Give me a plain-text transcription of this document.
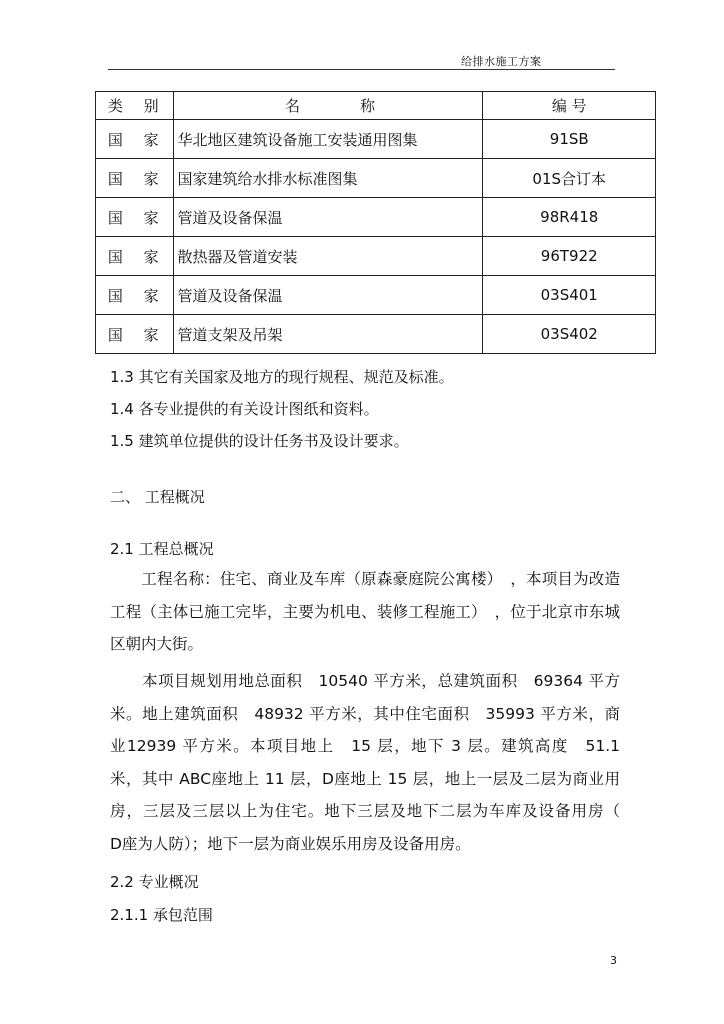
给排水施工方案
类 别	名　　　　称	编 号
国 家	华北地区建筑设备施工安装通用图集	91SB
国 家	国家建筑给水排水标准图集	01S合订本
国 家	管道及设备保温	98R418
国 家	散热器及管道安装	96T922
国 家	管道及设备保温	03S401
国 家	管道支架及吊架	03S402
1.3 其它有关国家及地方的现行规程、规范及标准。
1.4 各专业提供的有关设计图纸和资料。
1.5 建筑单位提供的设计任务书及设计要求。
二、 工程概况
2.1 工程总概况
　　工程名称：住宅、商业及车库（原森豪庭院公寓楼）　，本项目为改造工程（主体已施工完毕，主要为机电、装修工程施工）　，位于北京市东城区朝内大街。
　　本项目规划用地总面积　10540 平方米，总建筑面积　69364 平方米。地上建筑面积　48932 平方米，其中住宅面积　35993 平方米，商业12939 平方米。本项目地上　15 层，地下 3 层。建筑高度　51.1 米，其中 ABC座地上 11 层，D座地上 15 层，地上一层及二层为商业用房，三层及三层以上为住宅。地下三层及地下二层为车库及设备用房（　　D座为人防）；地下一层为商业娱乐用房及设备用房。
2.2 专业概况
2.1.1 承包范围
3
